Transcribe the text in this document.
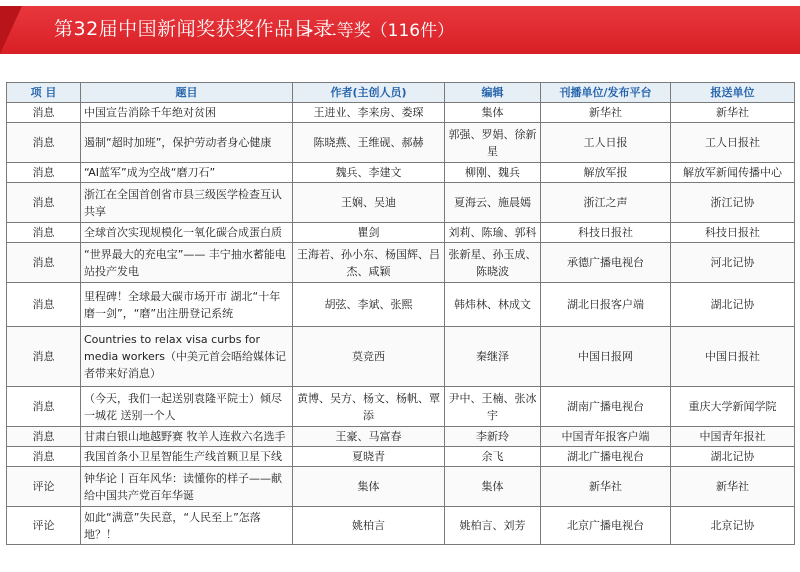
第32届中国新闻奖获奖作品目录
> 二等奖（116件）
项 目	题目	作者(主创人员)	编辑	刊播单位/发布平台	报送单位
消息	中国宣告消除千年绝对贫困	王进业、李来房、娄琛	集体	新华社	新华社
消息	遏制“超时加班”，保护劳动者身心健康	陈晓燕、王维砚、郝赫	郭强、罗娟、徐新星	工人日报	工人日报社
消息	“AI蓝军”成为空战“磨刀石”	魏兵、李建文	柳刚、魏兵	解放军报	解放军新闻传播中心
消息	浙江在全国首创省市县三级医学检查互认共享	王娴、吴迪	夏海云、施晨嫣	浙江之声	浙江记协
消息	全球首次实现规模化一氧化碳合成蛋白质	瞿剑	刘莉、陈瑜、郭科	科技日报社	科技日报社
消息	“世界最大的充电宝”—— 丰宁抽水蓄能电站投产发电	王海若、孙小东、杨国辉、吕杰、咸颖	张新星、孙玉成、陈晓波	承德广播电视台	河北记协
消息	里程碑！全球最大碳市场开市 湖北“十年磨一剑”，“磨”出注册登记系统	胡弦、李斌、张熙	韩炜林、林成文	湖北日报客户端	湖北记协
消息	Countries to relax visa curbs for media workers（中美元首会晤给媒体记者带来好消息）	莫竞西	秦继泽	中国日报网	中国日报社
消息	（今天，我们一起送别袁隆平院士）倾尽一城花 送别一个人	黄博、吴方、杨文、杨帆、覃添	尹中、王楠、张冰宇	湖南广播电视台	重庆大学新闻学院
消息	甘肃白银山地越野赛 牧羊人连救六名选手	王豪、马富春	李新玲	中国青年报客户端	中国青年报社
消息	我国首条小卫星智能生产线首颗卫星下线	夏晓青	余飞	湖北广播电视台	湖北记协
评论	钟华论丨百年风华：读懂你的样子——献给中国共产党百年华诞	集体	集体	新华社	新华社
评论	如此“满意”失民意，“人民至上”怎落地？！	姚柏言	姚柏言、刘芳	北京广播电视台	北京记协
